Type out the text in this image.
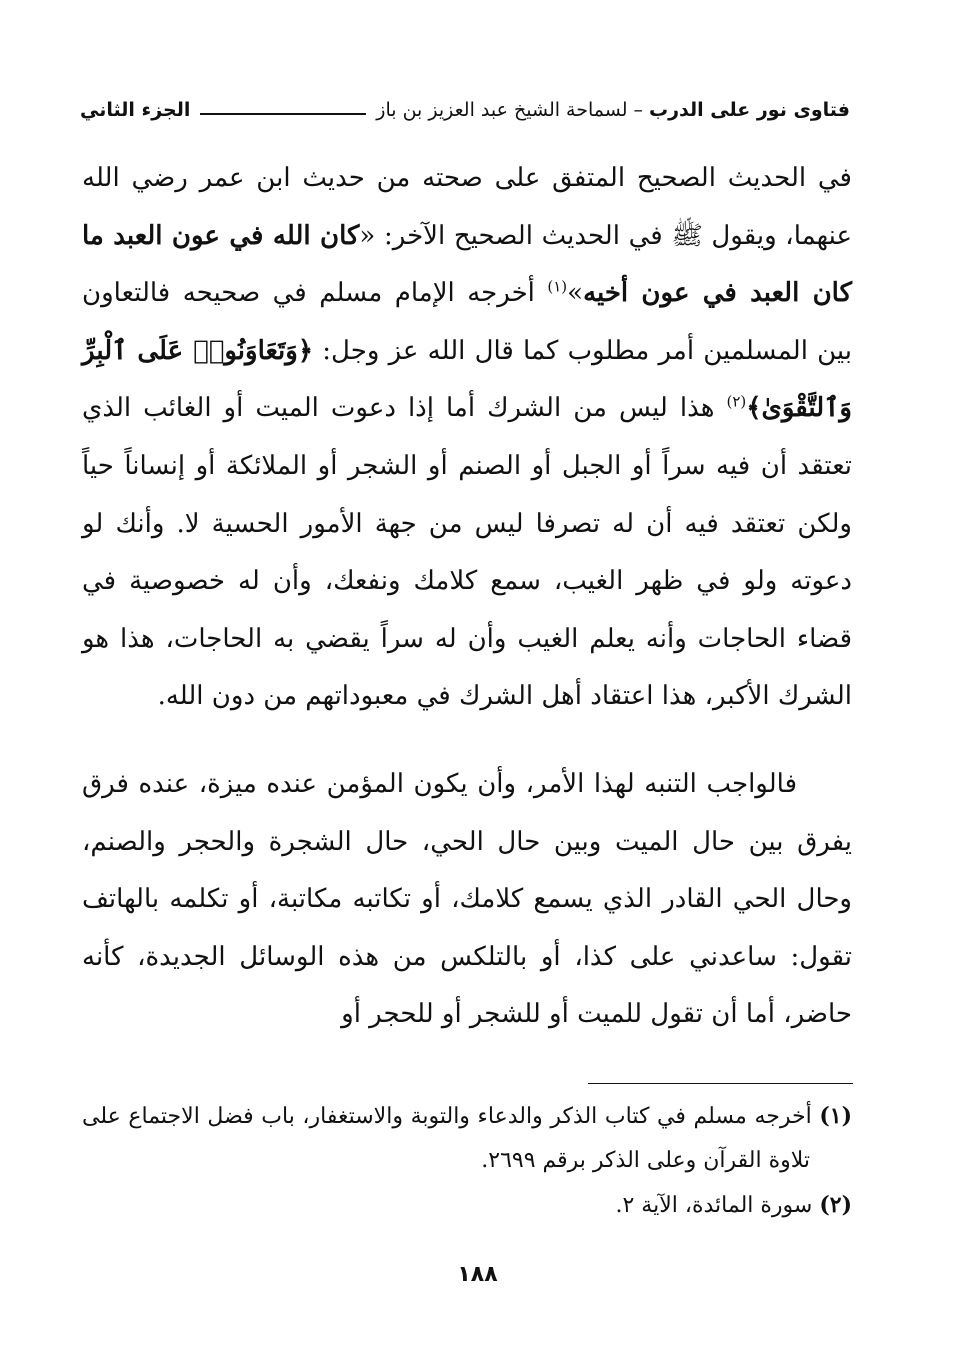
فتاوى نور على الدرب
–
لسماحة الشيخ عبد العزيز بن باز
الجزء الثاني

في الحديث الصحيح المتفق على صحته من حديث ابن عمر رضي الله عنهما، ويقول ﷺ في الحديث الصحيح الآخر: «كان الله في عون العبد ما كان العبد في عون أخيه»$^{(١)}$ أخرجه الإمام مسلم في صحيحه فالتعاون بين المسلمين أمر مطلوب كما قال الله عز وجل: ﴿وَتَعَاوَنُوا۟ عَلَى ٱلْبِرِّ وَٱلتَّقْوَىٰ﴾$^{(٢)}$ هذا ليس من الشرك أما إذا دعوت الميت أو الغائب الذي تعتقد أن فيه سراً أو الجبل أو الصنم أو الشجر أو الملائكة أو إنساناً حياً ولكن تعتقد فيه أن له تصرفا ليس من جهة الأمور الحسية لا. وأنك لو دعوته ولو في ظهر الغيب، سمع كلامك ونفعك، وأن له خصوصية في قضاء الحاجات وأنه يعلم الغيب وأن له سراً يقضي به الحاجات، هذا هو الشرك الأكبر، هذا اعتقاد أهل الشرك في معبوداتهم من دون الله.

فالواجب التنبه لهذا الأمر، وأن يكون المؤمن عنده ميزة، عنده فرق يفرق بين حال الميت وبين حال الحي، حال الشجرة والحجر والصنم، وحال الحي القادر الذي يسمع كلامك، أو تكاتبه مكاتبة، أو تكلمه بالهاتف تقول: ساعدني على كذا، أو بالتلكس من هذه الوسائل الجديدة، كأنه حاضر، أما أن تقول للميت أو للشجر أو للحجر أو

(١) أخرجه مسلم في كتاب الذكر والدعاء والتوبة والاستغفار، باب فضل الاجتماع على تلاوة القرآن وعلى الذكر برقم ٢٦٩٩.

(٢) سورة المائدة، الآية ٢.

١٨٨
